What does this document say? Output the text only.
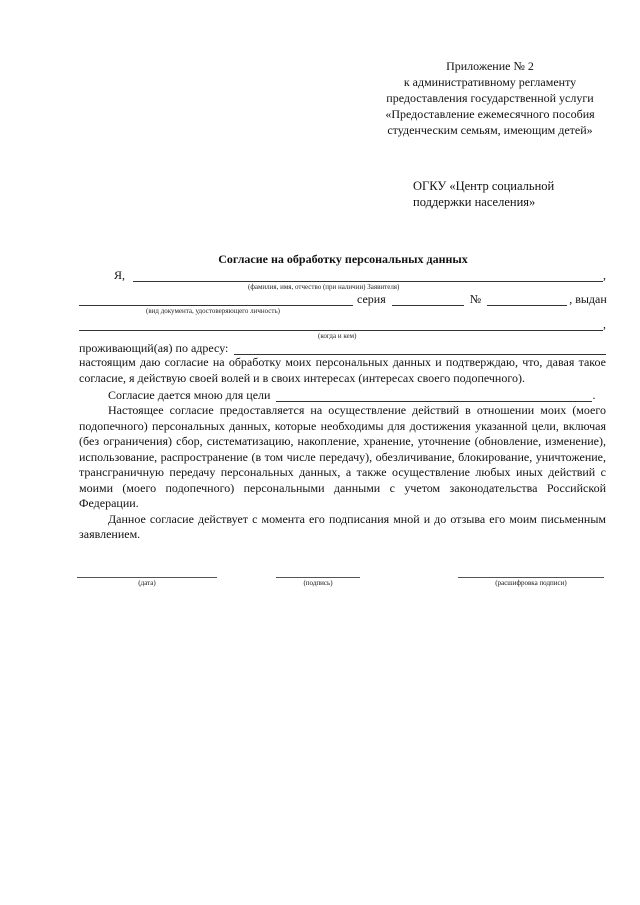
Приложение № 2
к административному регламенту
предоставления государственной услуги
«Предоставление ежемесячного пособия
студенческим семьям, имеющим детей»
ОГКУ «Центр социальной
поддержки населения»
Согласие на обработку персональных данных
Я,	,
(фамилия, имя, отчество (при наличии) Заявителя)
серия	№	, выдан
(вид документа, удостоверяющего личность)
,
(когда и кем)
проживающий(ая) по адресу:

настоящим даю согласие на обработку моих персональных данных и подтверждаю, что, давая такое согласие, я действую своей волей и в своих интересах (интересах своего подопечного).

Согласие дается мною для цели	.

Настоящее согласие предоставляется на осуществление действий в отношении моих (моего подопечного) персональных данных, которые необходимы для достижения указанной цели, включая (без ограничения) сбор, систематизацию, накопление, хранение, уточнение (обновление, изменение), использование, распространение (в том числе передачу), обезличивание, блокирование, уничтожение, трансграничную передачу персональных данных, а также осуществление любых иных действий с моими (моего подопечного) персональными данными с учетом законодательства Российской Федерации.

Данное согласие действует с момента его подписания мной и до отзыва его моим письменным заявлением.

(дата)	(подпись)	(расшифровка подписи)
